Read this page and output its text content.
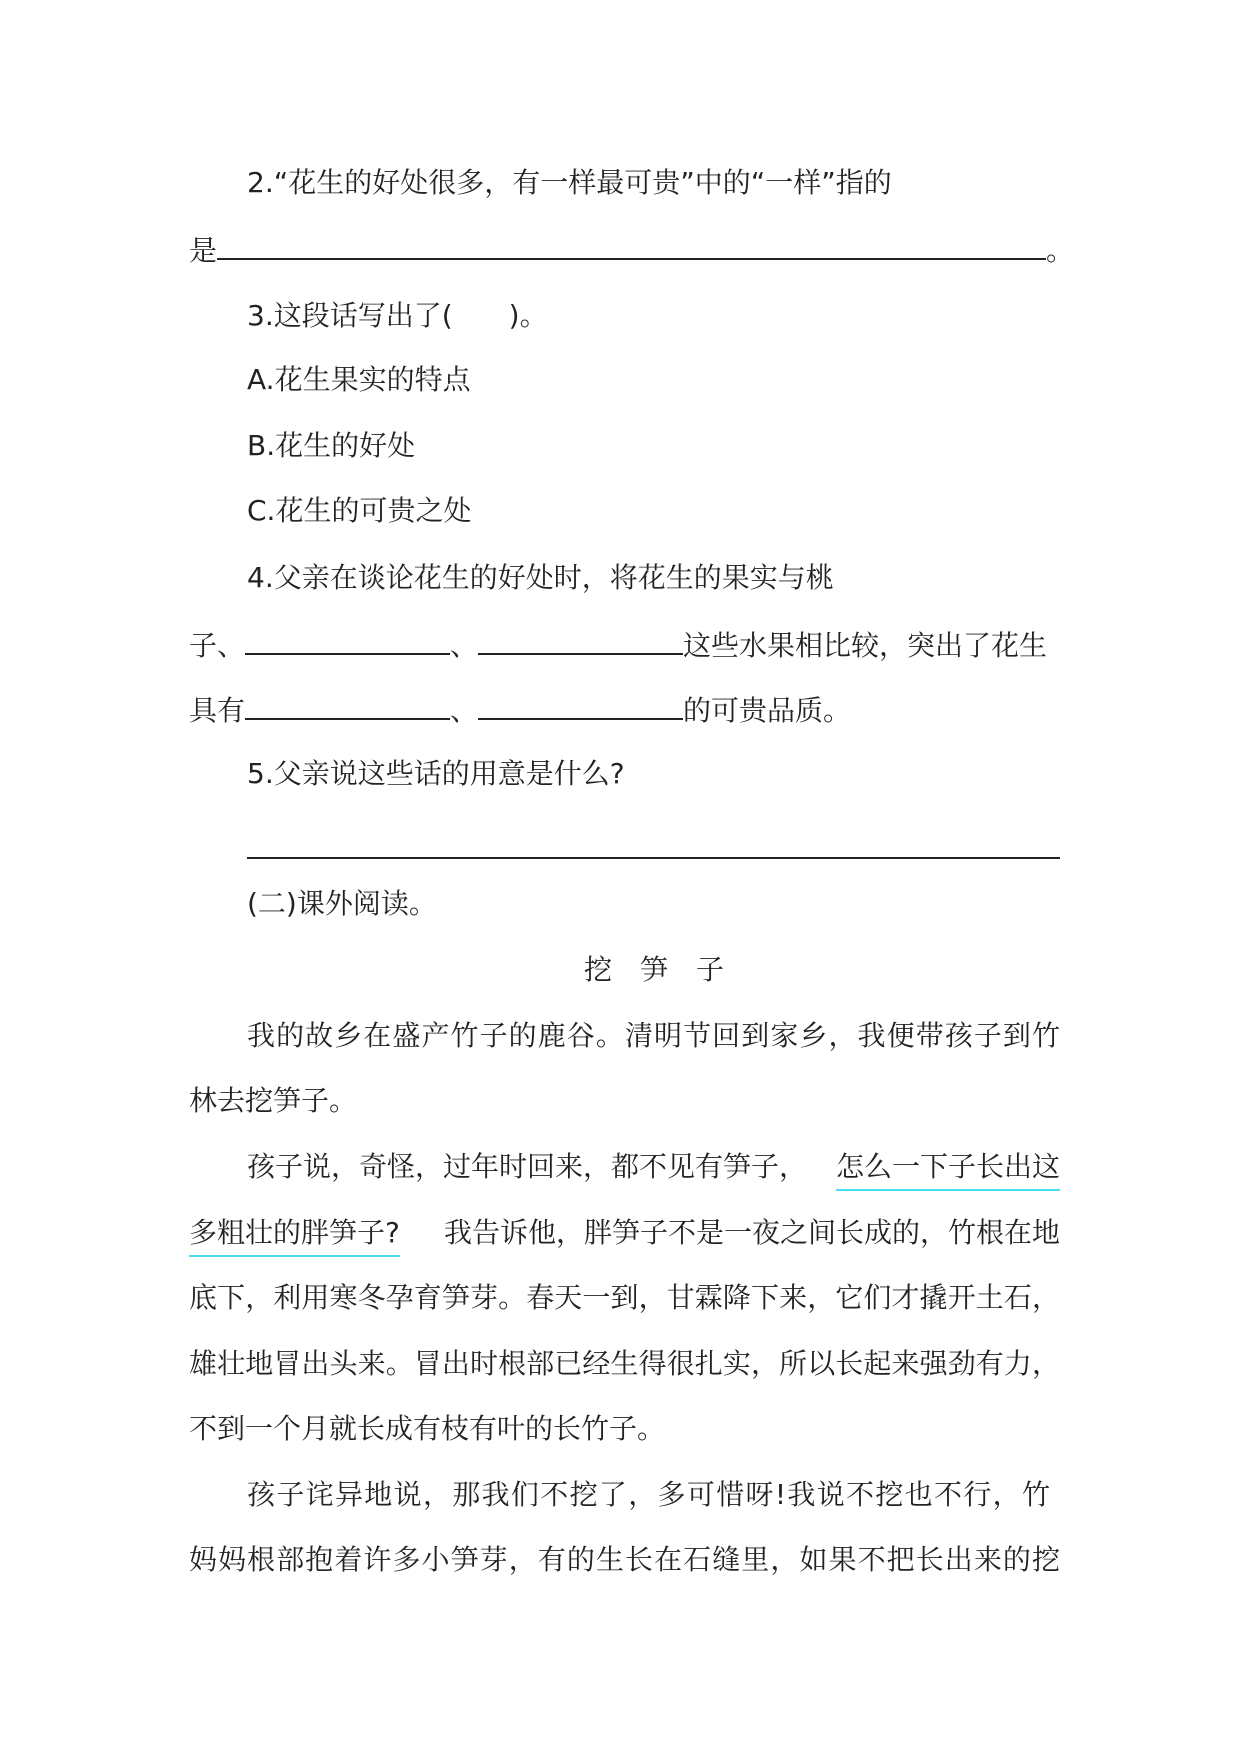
2.“花生的好处很多，有一样最可贵”中的“一样”指的
是	。
3.这段话写出了(　　)。
A.花生果实的特点
B.花生的好处
C.花生的可贵之处
4.父亲在谈论花生的好处时，将花生的果实与桃
子、	、	这些水果相比较，突出了花生
具有	、	的可贵品质。
5.父亲说这些话的用意是什么?
(二)课外阅读。
挖　笋　子
我的故乡在盛产竹子的鹿谷。清明节回到家乡，我便带孩子到竹
林去挖笋子。
孩子说，奇怪，过年时回来，都不见有笋子， 怎么一下子长出这
多粗壮的胖笋子? 我告诉他，胖笋子不是一夜之间长成的，竹根在地
底下，利用寒冬孕育笋芽。春天一到，甘霖降下来，它们才撬开土石，
雄壮地冒出头来。冒出时根部已经生得很扎实，所以长起来强劲有力，
不到一个月就长成有枝有叶的长竹子。
孩子诧异地说，那我们不挖了，多可惜呀!我说不挖也不行，竹
妈妈根部抱着许多小笋芽，有的生长在石缝里，如果不把长出来的挖
